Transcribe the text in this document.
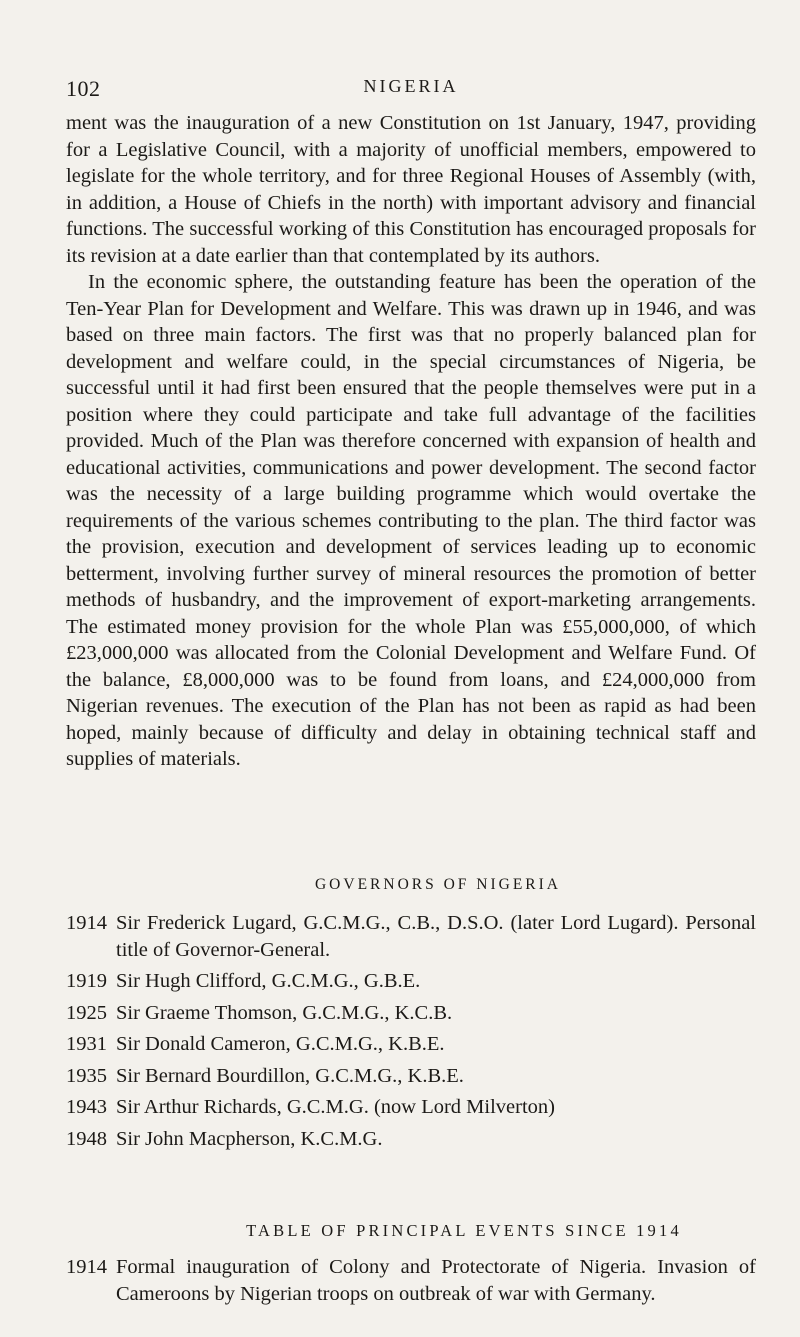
102	NIGERIA

ment was the inauguration of a new Constitution on 1st January, 1947, providing for a Legislative Council, with a majority of unofficial members, empowered to legislate for the whole territory, and for three Regional Houses of Assembly (with, in addition, a House of Chiefs in the north) with important advisory and financial functions. The successful working of this Constitution has encouraged proposals for its revision at a date earlier than that contemplated by its authors.

In the economic sphere, the outstanding feature has been the operation of the Ten-Year Plan for Development and Welfare. This was drawn up in 1946, and was based on three main factors. The first was that no properly balanced plan for development and welfare could, in the special circumstances of Nigeria, be successful until it had first been ensured that the people themselves were put in a position where they could participate and take full advantage of the facilities provided. Much of the Plan was therefore concerned with expansion of health and educational activities, communications and power development. The second factor was the necessity of a large building programme which would overtake the requirements of the various schemes contributing to the plan. The third factor was the provision, execution and development of services leading up to economic betterment, involving further survey of mineral resources the promotion of better methods of husbandry, and the improvement of export-marketing arrangements. The estimated money provision for the whole Plan was £55,000,000, of which £23,000,000 was allocated from the Colonial Development and Welfare Fund. Of the balance, £8,000,000 was to be found from loans, and £24,000,000 from Nigerian revenues. The execution of the Plan has not been as rapid as had been hoped, mainly because of difficulty and delay in obtaining technical staff and supplies of materials.

GOVERNORS OF NIGERIA
1914 Sir Frederick Lugard, G.C.M.G., C.B., D.S.O. (later Lord Lugard). Personal title of Governor-General.
1919 Sir Hugh Clifford, G.C.M.G., G.B.E.
1925 Sir Graeme Thomson, G.C.M.G., K.C.B.
1931 Sir Donald Cameron, G.C.M.G., K.B.E.
1935 Sir Bernard Bourdillon, G.C.M.G., K.B.E.
1943 Sir Arthur Richards, G.C.M.G. (now Lord Milverton)
1948 Sir John Macpherson, K.C.M.G.
TABLE OF PRINCIPAL EVENTS SINCE 1914
1914 Formal inauguration of Colony and Protectorate of Nigeria. Invasion of Cameroons by Nigerian troops on outbreak of war with Germany.
